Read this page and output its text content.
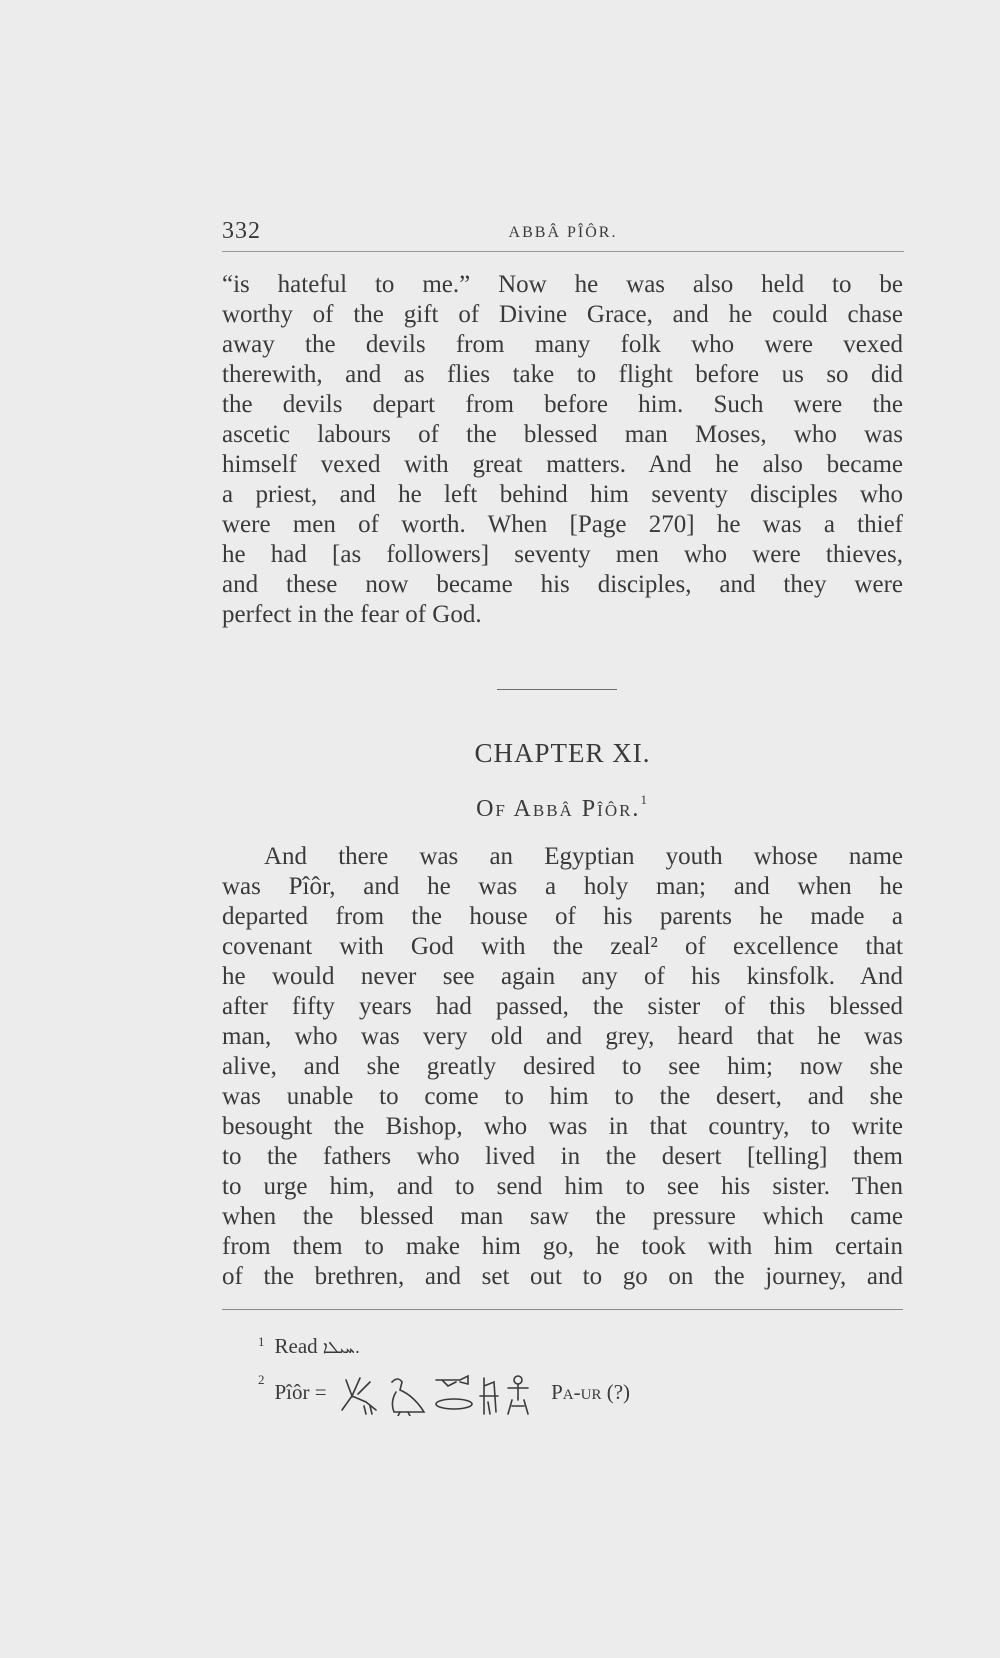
332	ABBÂ PÎÔR.
“is hateful to me.” Now he was also held to be
worthy of the gift of Divine Grace, and he could chase
away the devils from many folk who were vexed
therewith, and as flies take to flight before us so did
the devils depart from before him. Such were the
ascetic labours of the blessed man Moses, who was
himself vexed with great matters. And he also became
a priest, and he left behind him seventy disciples who
were men of worth. When [Page 270] he was a thief
he had [as followers] seventy men who were thieves,
and these now became his disciples, and they were
perfect in the fear of God.
CHAPTER XI.
Of Abbâ Pîôr.$^1$
And there was an Egyptian youth whose name
was Pîôr, and he was a holy man; and when he
departed from the house of his parents he made a
covenant with God with the zeal² of excellence that
he would never see again any of his kinsfolk. And
after fifty years had passed, the sister of this blessed
man, who was very old and grey, heard that he was
alive, and she greatly desired to see him; now she
was unable to come to him to the desert, and she
besought the Bishop, who was in that country, to write
to the fathers who lived in the desert [telling] them
to urge him, and to send him to see his sister. Then
when the blessed man saw the pressure which came
from them to make him go, he took with him certain
of the brethren, and set out to go on the journey, and
$^1$ Read ܚܝܠܐ.
$^2$Pîôr =	Pa-ur (?)
